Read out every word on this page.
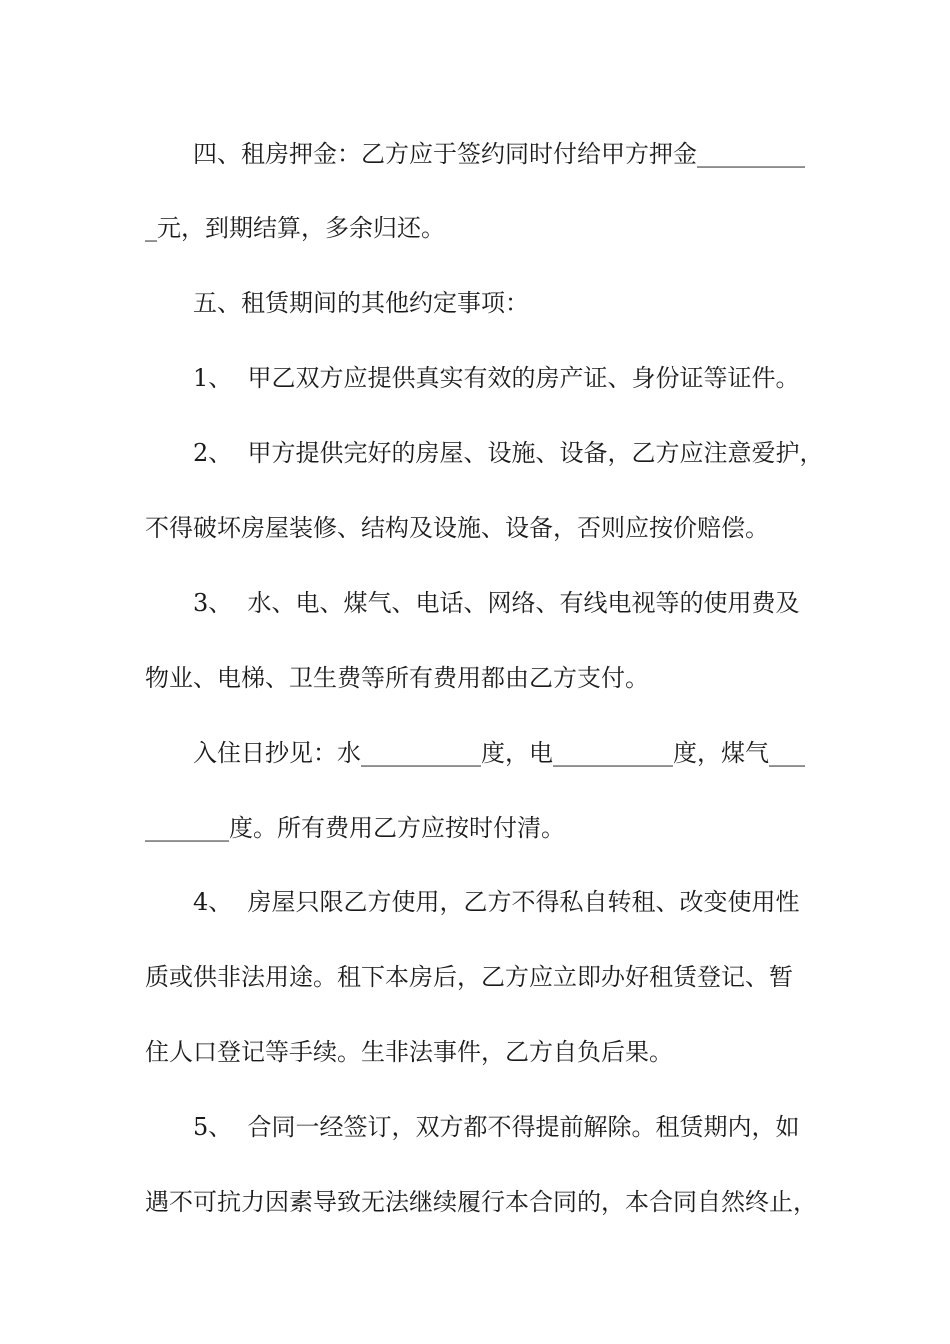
四、租房押金：乙方应于签约同时付给甲方押金_________
_元，到期结算，多余归还。
五、租赁期间的其他约定事项：
1、  甲乙双方应提供真实有效的房产证、身份证等证件。
2、  甲方提供完好的房屋、设施、设备，乙方应注意爱护，
不得破坏房屋装修、结构及设施、设备，否则应按价赔偿。
3、  水、电、煤气、电话、网络、有线电视等的使用费及
物业、电梯、卫生费等所有费用都由乙方支付。
入住日抄见：水__________度，电__________度，煤气___
_______度。所有费用乙方应按时付清。
4、  房屋只限乙方使用，乙方不得私自转租、改变使用性
质或供非法用途。租下本房后，乙方应立即办好租赁登记、暂
住人口登记等手续。生非法事件，乙方自负后果。
5、  合同一经签订，双方都不得提前解除。租赁期内，如
遇不可抗力因素导致无法继续履行本合同的，本合同自然终止，
